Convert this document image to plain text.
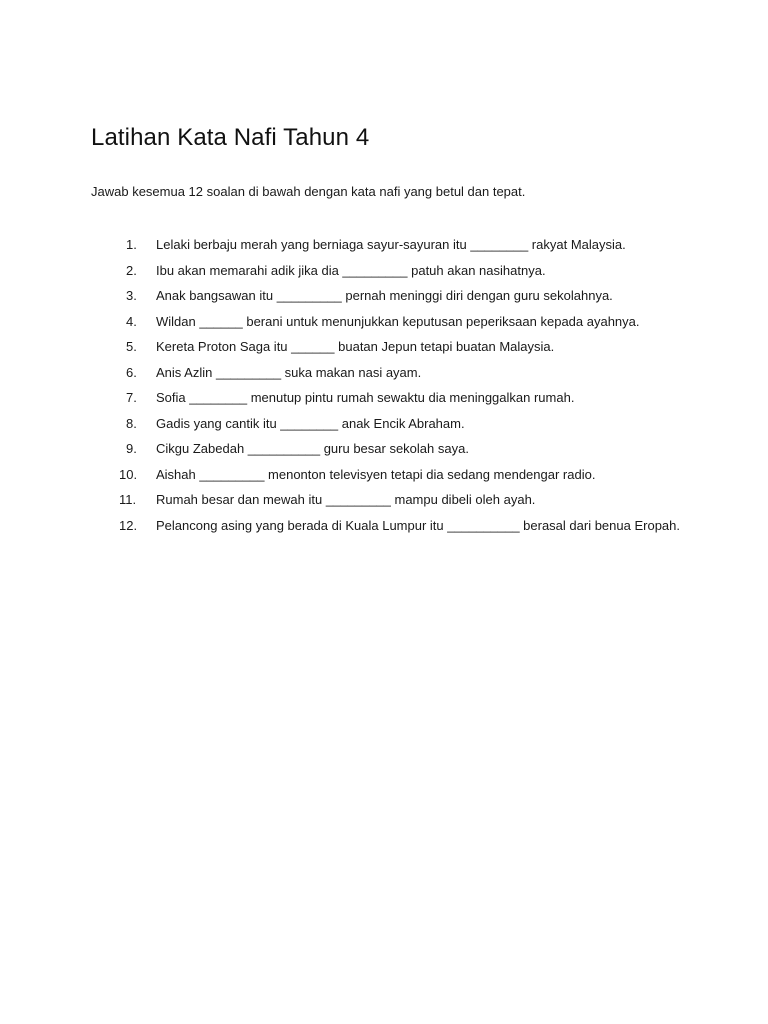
Latihan Kata Nafi Tahun 4

Jawab kesemua 12 soalan di bawah dengan kata nafi yang betul dan tepat.

1.	Lelaki berbaju merah yang berniaga sayur-sayuran itu ________ rakyat Malaysia.
2.	Ibu akan memarahi adik jika dia _________ patuh akan nasihatnya.
3.	Anak bangsawan itu _________ pernah meninggi diri dengan guru sekolahnya.
4.	Wildan ______ berani untuk menunjukkan keputusan peperiksaan kepada ayahnya.
5.	Kereta Proton Saga itu ______ buatan Jepun tetapi buatan Malaysia.
6.	Anis Azlin _________ suka makan nasi ayam.
7.	Sofia ________ menutup pintu rumah sewaktu dia meninggalkan rumah.
8.	Gadis yang cantik itu ________ anak Encik Abraham.
9.	Cikgu Zabedah __________ guru besar sekolah saya.
10.	Aishah _________ menonton televisyen tetapi dia sedang mendengar radio.
11.	Rumah besar dan mewah itu _________ mampu dibeli oleh ayah.
12.	Pelancong asing yang berada di Kuala Lumpur itu __________ berasal dari benua Eropah.
